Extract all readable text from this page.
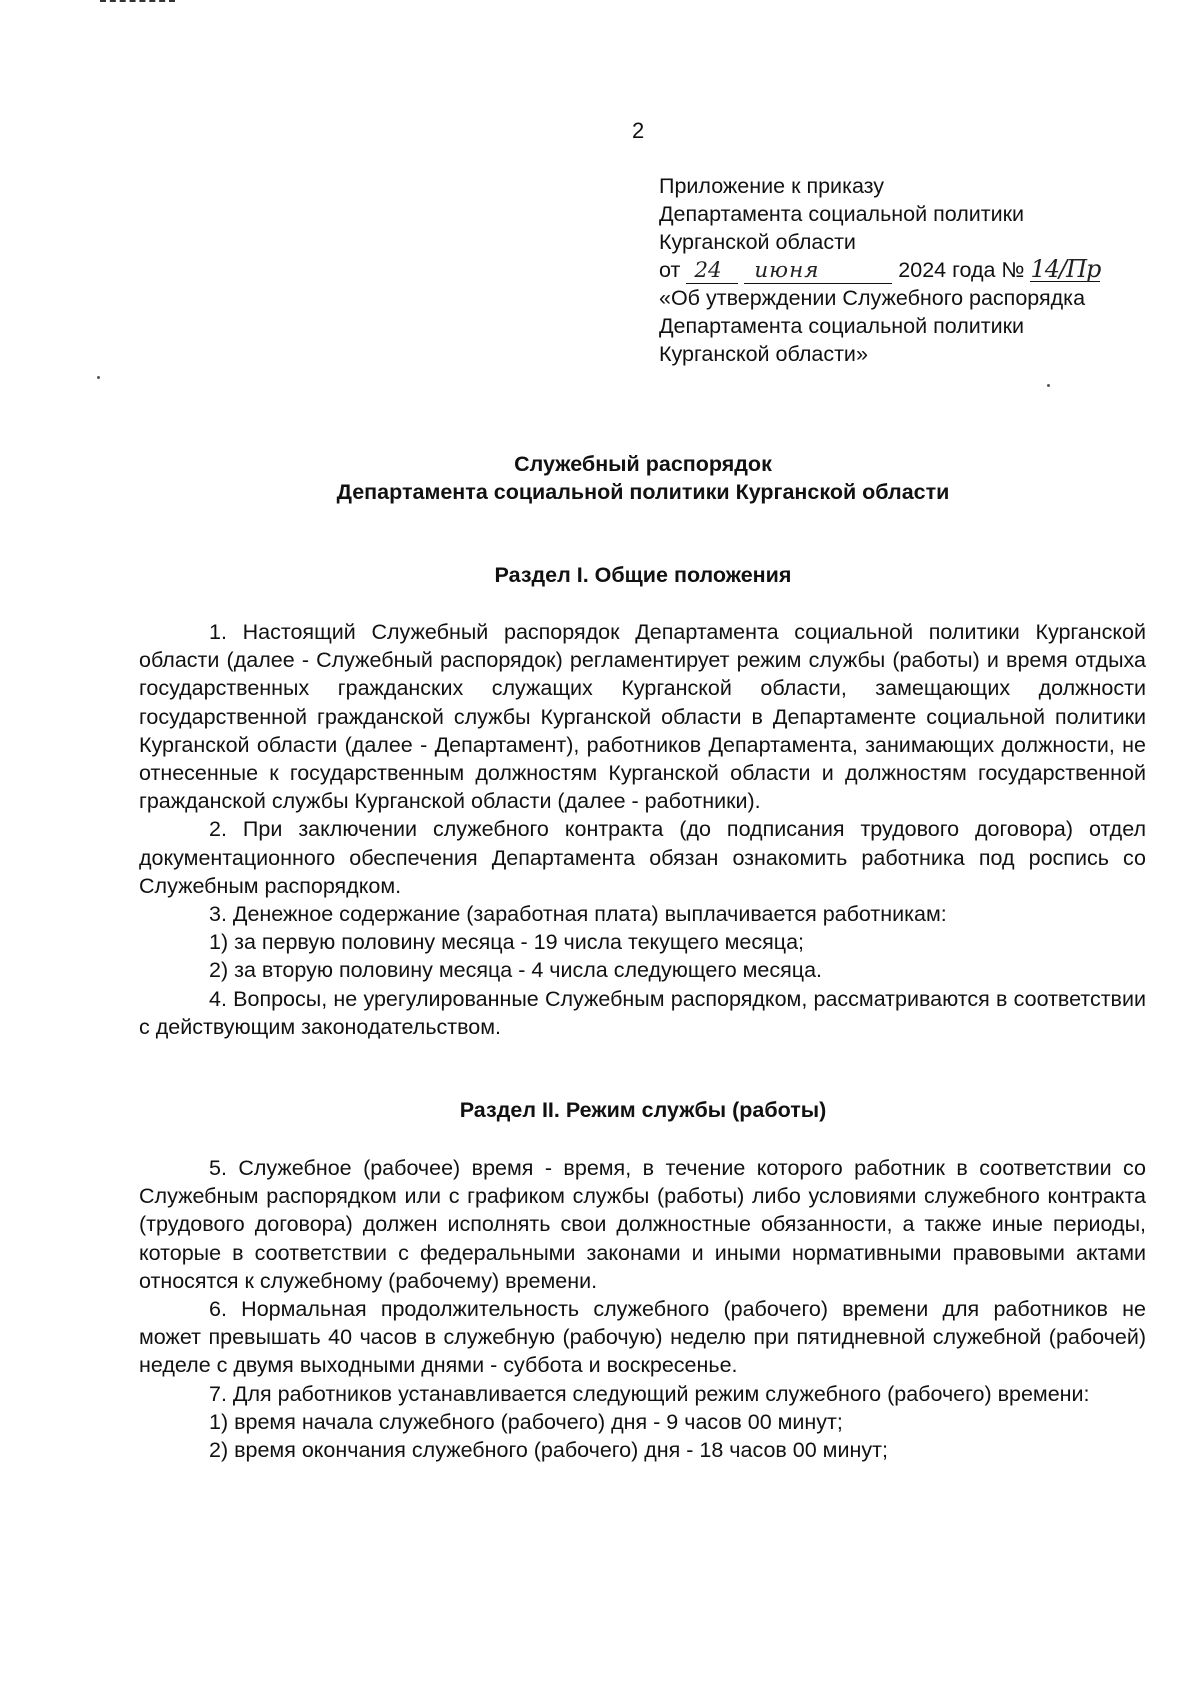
2
Приложение к приказу
Департамента социальной политики
Курганской области
от 24 июня	2024 года № 14/Пр
«Об утверждении Служебного распорядка
Департамента социальной политики
Курганской области»
Служебный распорядок
Департамента социальной политики Курганской области
Раздел I. Общие положения

1. Настоящий Служебный распорядок Департамента социальной политики Курганской области (далее - Служебный распорядок) регламентирует режим службы (работы) и время отдыха государственных гражданских служащих Курганской области, замещающих должности государственной гражданской службы Курганской области в Департаменте социальной политики Курганской области (далее - Департамент), работников Департамента, занимающих должности, не отнесенные к государственным должностям Курганской области и должностям государственной гражданской службы Курганской области (далее - работники).

2. При заключении служебного контракта (до подписания трудового договора) отдел документационного обеспечения Департамента обязан ознакомить работника под роспись со Служебным распорядком.

3. Денежное содержание (заработная плата) выплачивается работникам:

1) за первую половину месяца - 19 числа текущего месяца;

2) за вторую половину месяца - 4 числа следующего месяца.

4. Вопросы, не урегулированные Служебным распорядком, рассматриваются в соответствии с действующим законодательством.

Раздел II. Режим службы (работы)

5. Служебное (рабочее) время - время, в течение которого работник в соответствии со Служебным распорядком или с графиком службы (работы) либо условиями служебного контракта (трудового договора) должен исполнять свои должностные обязанности, а также иные периоды, которые в соответствии с федеральными законами и иными нормативными правовыми актами относятся к служебному (рабочему) времени.

6. Нормальная продолжительность служебного (рабочего) времени для работников не может превышать 40 часов в служебную (рабочую) неделю при пятидневной служебной (рабочей) неделе с двумя выходными днями - суббота и воскресенье.

7. Для работников устанавливается следующий режим служебного (рабочего) времени:

1) время начала служебного (рабочего) дня - 9 часов 00 минут;

2) время окончания служебного (рабочего) дня - 18 часов 00 минут;
